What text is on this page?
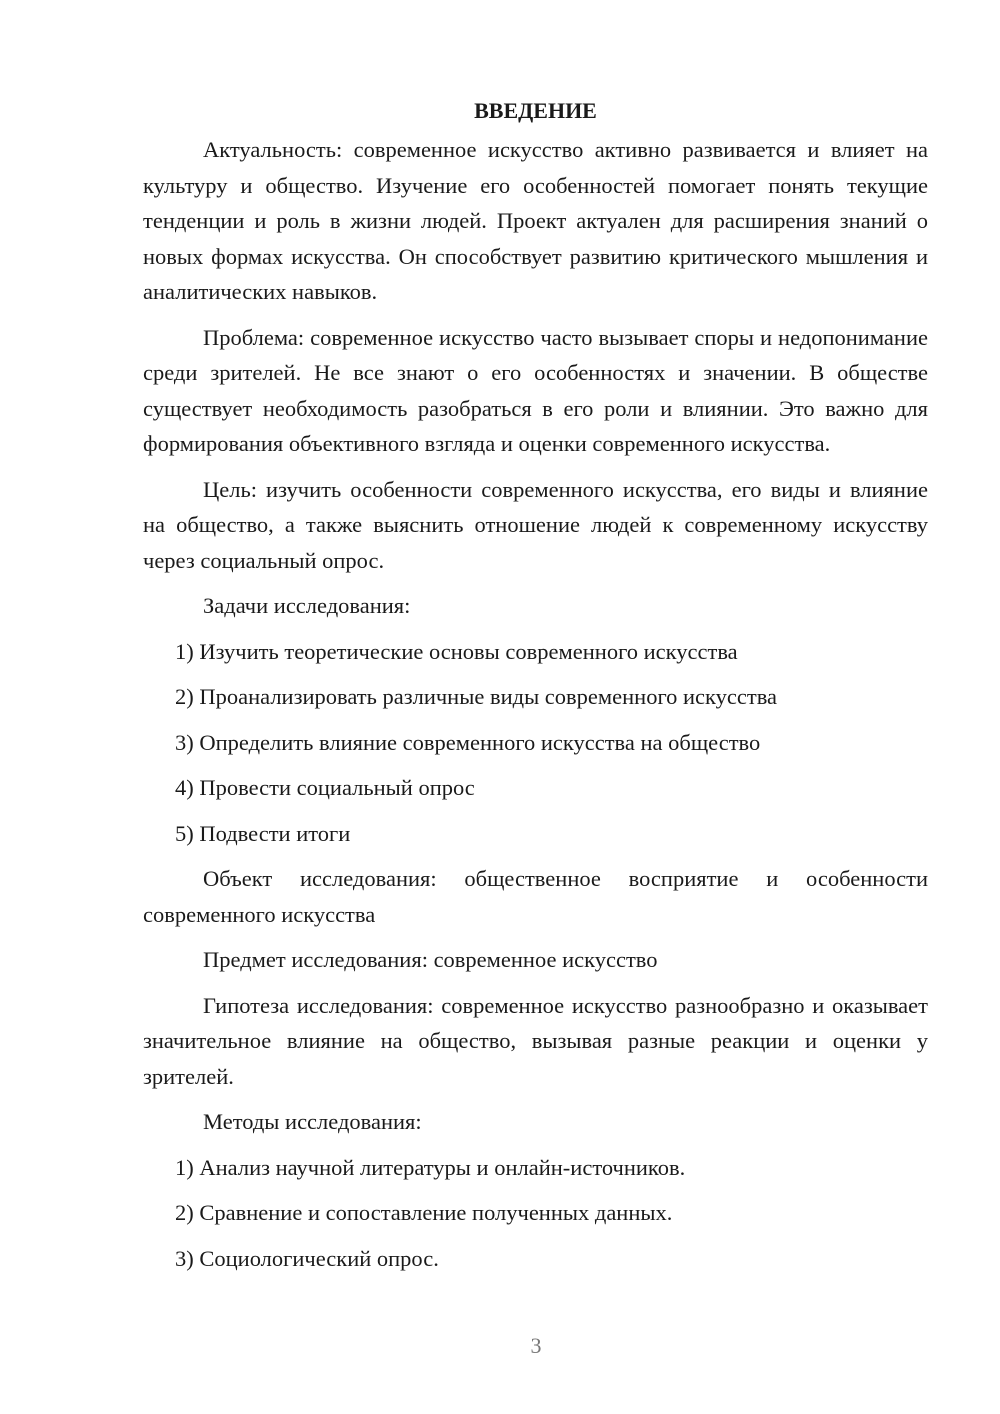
ВВЕДЕНИЕ

Актуальность: современное искусство активно развивается и влияет на культуру и общество. Изучение его особенностей помогает понять текущие тенденции и роль в жизни людей. Проект актуален для расширения знаний о новых формах искусства. Он способствует развитию критического мышления и аналитических навыков.

Проблема: современное искусство часто вызывает споры и недопонимание среди зрителей. Не все знают о его особенностях и значении. В обществе существует необходимость разобраться в его роли и влиянии. Это важно для формирования объективного взгляда и оценки современного искусства.

Цель: изучить особенности современного искусства, его виды и влияние на общество, а также выяснить отношение людей к современному искусству через социальный опрос.

Задачи исследования:

1) Изучить теоретические основы современного искусства
2) Проанализировать различные виды современного искусства
3) Определить влияние современного искусства на общество
4) Провести социальный опрос
5) Подвести итоги

Объект исследования: общественное восприятие и особенности современного искусства

Предмет исследования: современное искусство

Гипотеза исследования: современное искусство разнообразно и оказывает значительное влияние на общество, вызывая разные реакции и оценки у зрителей.

Методы исследования:

1) Анализ научной литературы и онлайн-источников.
2) Сравнение и сопоставление полученных данных.
3) Социологический опрос.
3
